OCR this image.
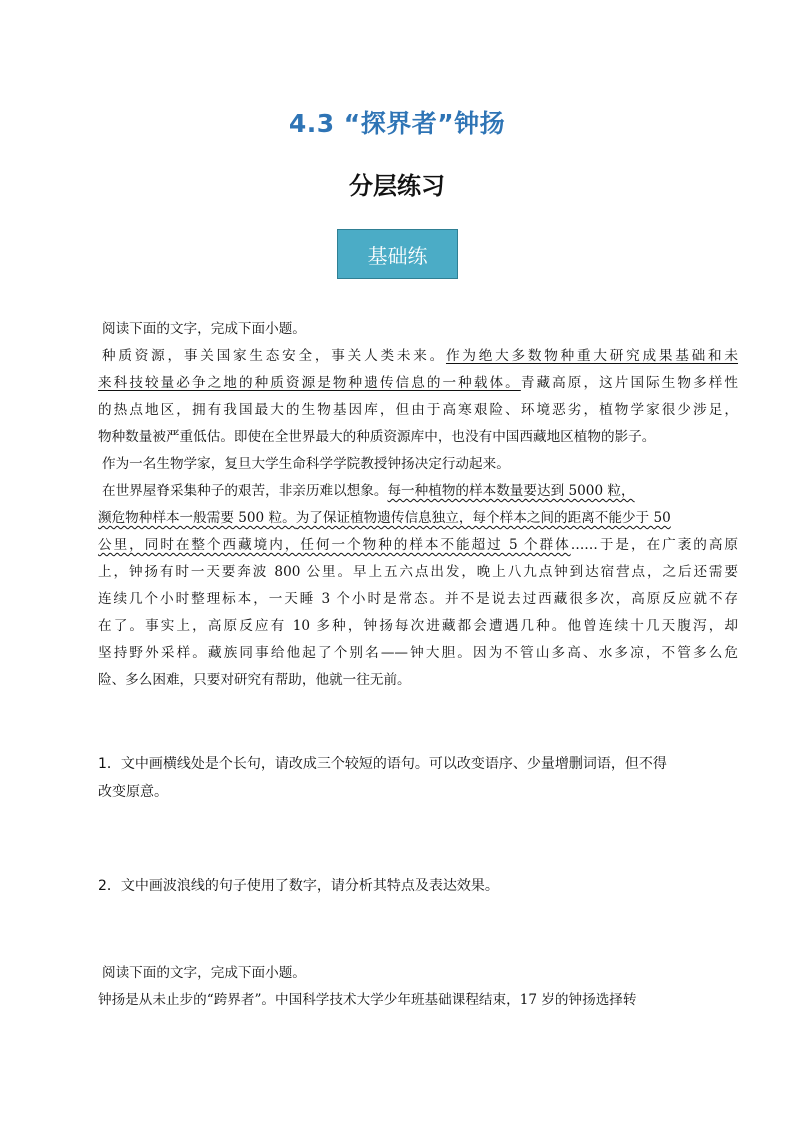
4.3 “探界者”钟扬
分层练习
基础练
阅读下面的文字，完成下面小题。
种质资源，事关国家生态安全，事关人类未来。作为绝大多数物种重大研究成果基础和未
来科技较量必争之地的种质资源是物种遗传信息的一种载体。青藏高原，这片国际生物多样性
的热点地区，拥有我国最大的生物基因库，但由于高寒艰险、环境恶劣，植物学家很少涉足，
物种数量被严重低估。即使在全世界最大的种质资源库中，也没有中国西藏地区植物的影子。
作为一名生物学家，复旦大学生命科学学院教授钟扬决定行动起来。
在世界屋脊采集种子的艰苦，非亲历难以想象。每一种植物的样本数量要达到 5000 粒，
濒危物种样本一般需要 500 粒。为了保证植物遗传信息独立，每个样本之间的距离不能少于 50
公里，同时在整个西藏境内，任何一个物种的样本不能超过 5 个群体……于是，在广袤的高原
上，钟扬有时一天要奔波 800 公里。早上五六点出发，晚上八九点钟到达宿营点，之后还需要
连续几个小时整理标本，一天睡 3 个小时是常态。并不是说去过西藏很多次，高原反应就不存
在了。事实上，高原反应有 10 多种，钟扬每次进藏都会遭遇几种。他曾连续十几天腹泻，却
坚持野外采样。藏族同事给他起了个别名——钟大胆。因为不管山多高、水多凉，不管多么危
险、多么困难，只要对研究有帮助，他就一往无前。
1．文中画横线处是个长句，请改成三个较短的语句。可以改变语序、少量增删词语，但不得
改变原意。
2．文中画波浪线的句子使用了数字，请分析其特点及表达效果。
阅读下面的文字，完成下面小题。
钟扬是从未止步的“跨界者”。中国科学技术大学少年班基础课程结束，17 岁的钟扬选择转
